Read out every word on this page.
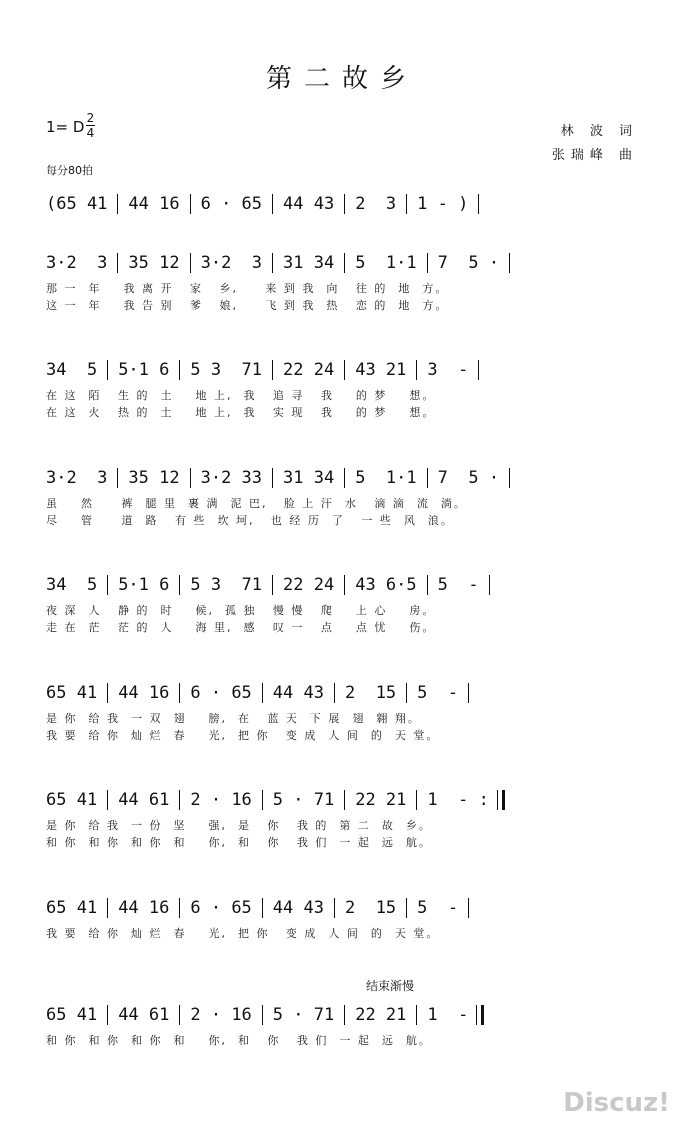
第二故乡
1= D 2
4	林 波 词
张瑞峰 曲
每分80拍
结束渐慢
(65 41 44 16 6 · 65 44 43 2  3 1 - )
3·2  3 35 12 3·2  3 31 34 5  1·1 7  5 ·
那 一  年    我 离 开   家   乡,     来 到 我  向   往 的  地  方。
这 一  年    我 告 别   爹   娘,     飞 到 我  热   恋 的  地  方。
34  5 5·1 6 5 3  71 22 24 43 21 3  -
在 这  陌   生 的  土    地 上,  我   追 寻   我    的 梦    想。
在 这  火   热 的  土    地 上,  我   实 现   我    的 梦    想。
3·2  3 35 12 3·2 33 31 34 5  1·1 7  5 ·
虽    然     裤  腿 里  裹 满  泥 巴,   脸 上 汗  水   滴 滴  流  淌。
尽    管     道  路   有 些  坎 坷,   也 经 历  了   一 些  风  浪。
34  5 5·1 6 5 3  71 22 24 43 6·5 5  -
夜 深  人   静 的  时    候,  孤 独   慢 慢   爬    上 心    房。
走 在  茫   茫 的  人    海 里,  感   叹 一   点    点 忧    伤。
65 41 44 16 6 · 65 44 43 2  15 5  -
是 你  给 我  一 双  翅    膀,  在   蓝 天  下 展  翅  翱 翔。
我 要  给 你  灿 烂  春    光,  把 你   变 成  人 间  的  天 堂。
65 41 44 61 2 · 16 5 · 71 22 21 1  - :
是 你  给 我  一 份  坚    强,  是   你   我 的  第 二  故  乡。
和 你  和 你  和 你  和    你,  和   你   我 们  一 起  远  航。
65 41 44 16 6 · 65 44 43 2  15 5  -
我 要  给 你  灿 烂  春    光,  把 你   变 成  人 间  的  天 堂。
65 41 44 61 2 · 16 5 · 71 22 21 1  -
和 你  和 你  和 你  和    你,  和   你   我 们  一 起  远  航。
Discuz!
